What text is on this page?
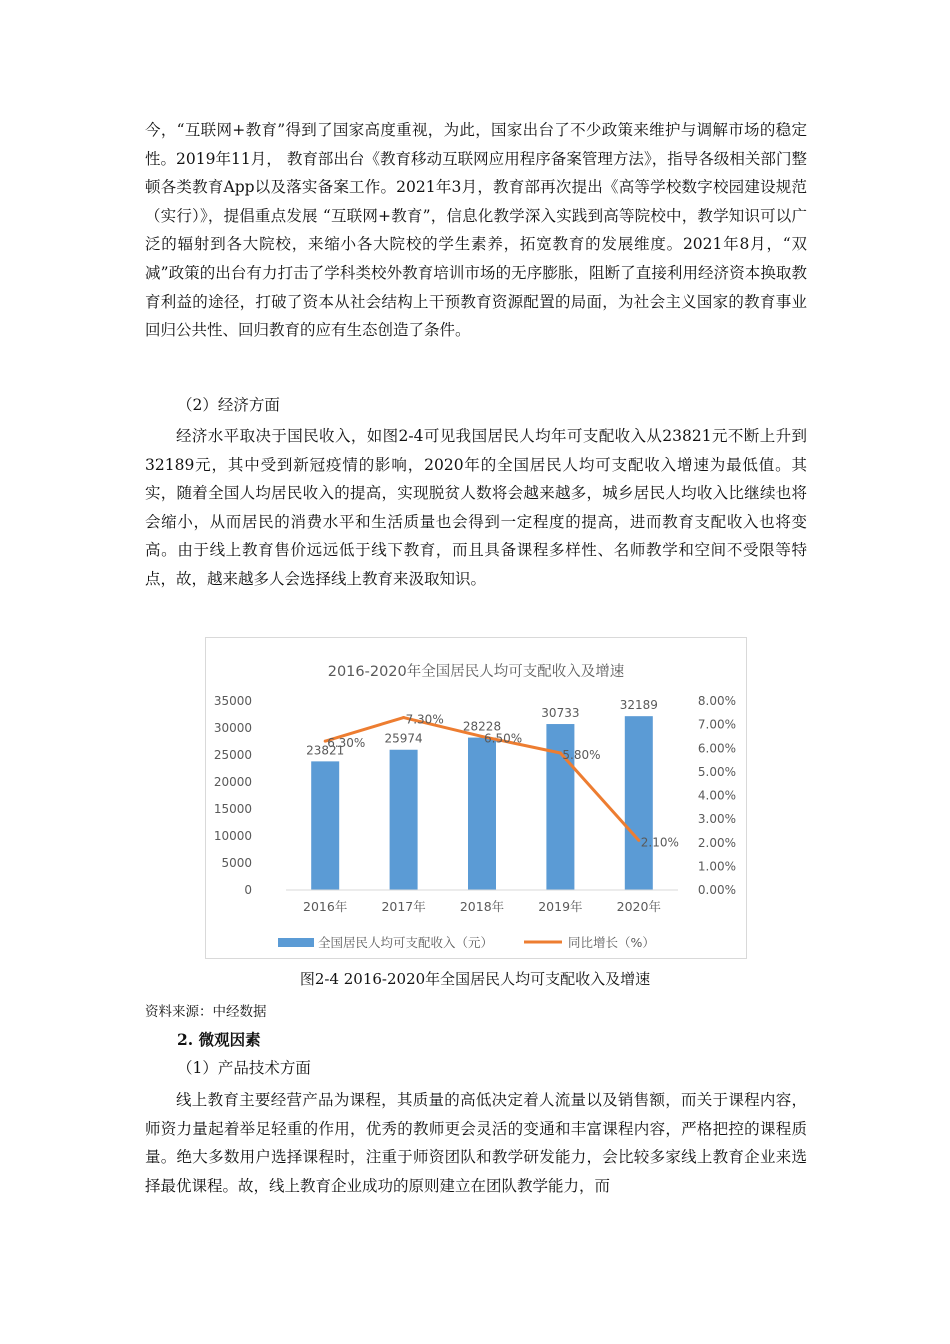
今，“互联网+教育”得到了国家高度重视，为此，国家出台了不少政策来维护与调解市场的稳定性。2019年11月， 教育部出台《教育移动互联网应用程序备案管理方法》，指导各级相关部门整顿各类教育App以及落实备案工作。2021年3月，教育部再次提出《高等学校数字校园建设规范（实行）》，提倡重点发展 “互联网+教育”，信息化教学深入实践到高等院校中，教学知识可以广泛的辐射到各大院校，来缩小各大院校的学生素养，拓宽教育的发展维度。2021年8月，“双减”政策的出台有力打击了学科类校外教育培训市场的无序膨胀，阻断了直接利用经济资本换取教育利益的途径，打破了资本从社会结构上干预教育资源配置的局面，为社会主义国家的教育事业回归公共性、回归教育的应有生态创造了条件。

（2）经济方面

经济水平取决于国民收入，如图2-4可见我国居民人均年可支配收入从23821元不断上升到32189元，其中受到新冠疫情的影响，2020年的全国居民人均可支配收入增速为最低值。其实，随着全国人均居民收入的提高，实现脱贫人数将会越来越多，城乡居民人均收入比继续也将会缩小，从而居民的消费水平和生活质量也会得到一定程度的提高，进而教育支配收入也将变高。由于线上教育售价远远低于线下教育，而且具备课程多样性、名师教学和空间不受限等特点，故，越来越多人会选择线上教育来汲取知识。

2016-2020年全国居民人均可支配收入及增速
0
5000
10000
15000
20000
25000
30000
35000
0.00%
1.00%
2.00%
3.00%
4.00%
5.00%
6.00%
7.00%
8.00%
23821
25974
28228
30733
32189
6.30%
7.30%
6.50%
5.80%
2.10%
2016年	2017年	2018年	2019年	2020年
全国居民人均可支配收入（元）	同比增长（%）

图2-4 2016-2020年全国居民人均可支配收入及增速

资料来源：中经数据

2. 微观因素

（1）产品技术方面

线上教育主要经营产品为课程，其质量的高低决定着人流量以及销售额，而关于课程内容，师资力量起着举足轻重的作用，优秀的教师更会灵活的变通和丰富课程内容，严格把控的课程质量。绝大多数用户选择课程时，注重于师资团队和教学研发能力，会比较多家线上教育企业来选择最优课程。故，线上教育企业成功的原则建立在团队教学能力，而
